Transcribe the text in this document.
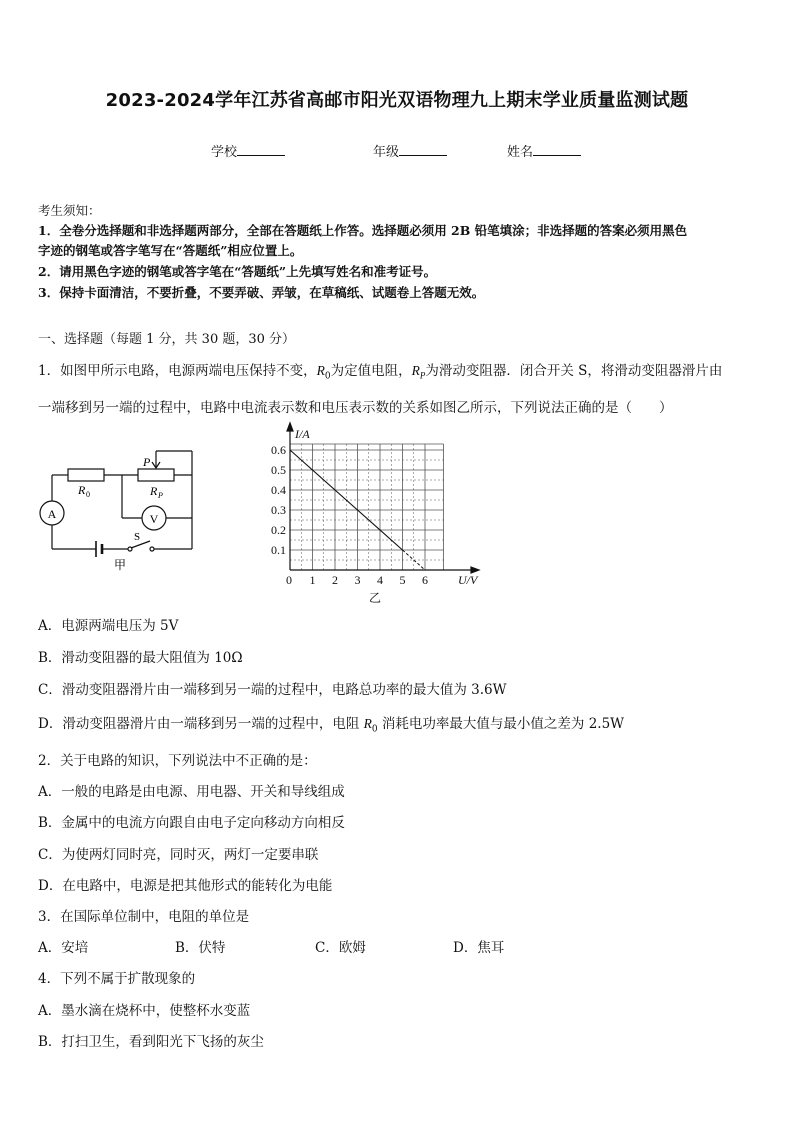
2023-2024学年江苏省高邮市阳光双语物理九上期末学业质量监测试题
学校	年级	姓名
考生须知：
1．全卷分选择题和非选择题两部分，全部在答题纸上作答。选择题必须用 2B 铅笔填涂；非选择题的答案必须用黑色
字迹的钢笔或答字笔写在“答题纸”相应位置上。
2．请用黑色字迹的钢笔或答字笔在“答题纸”上先填写姓名和准考证号。
3．保持卡面清洁，不要折叠，不要弄破、弄皱，在草稿纸、试题卷上答题无效。
一、选择题（每题 1 分，共 30 题，30 分）
1．如图甲所示电路，电源两端电压保持不变，$R_0$为定值电阻，$R_P$为滑动变阻器．闭合开关 S，将滑动变阻器滑片由
一端移到另一端的过程中，电路中电流表示数和电压表示数的关系如图乙所示，下列说法正确的是（　　）
A	V
R 0	R P
P
S
甲
0 1 2 3 4 5 6
0.1
0.2
0.3
0.4
0.5
0.6
I/A
U/V
乙
A．电源两端电压为 5V
B．滑动变阻器的最大阻值为 10Ω
C．滑动变阻器滑片由一端移到另一端的过程中，电路总功率的最大值为 3.6W
D．滑动变阻器滑片由一端移到另一端的过程中，电阻 $R_0$ 消耗电功率最大值与最小值之差为 2.5W
2．关于电路的知识，下列说法中不正确的是：
A．一般的电路是由电源、用电器、开关和导线组成
B．金属中的电流方向跟自由电子定向移动方向相反
C．为使两灯同时亮，同时灭，两灯一定要串联
D．在电路中，电源是把其他形式的能转化为电能
3．在国际单位制中，电阻的单位是
A．安培	B．伏特	C．欧姆	D．焦耳
4．下列不属于扩散现象的
A．墨水滴在烧杯中，使整杯水变蓝
B．打扫卫生，看到阳光下飞扬的灰尘
